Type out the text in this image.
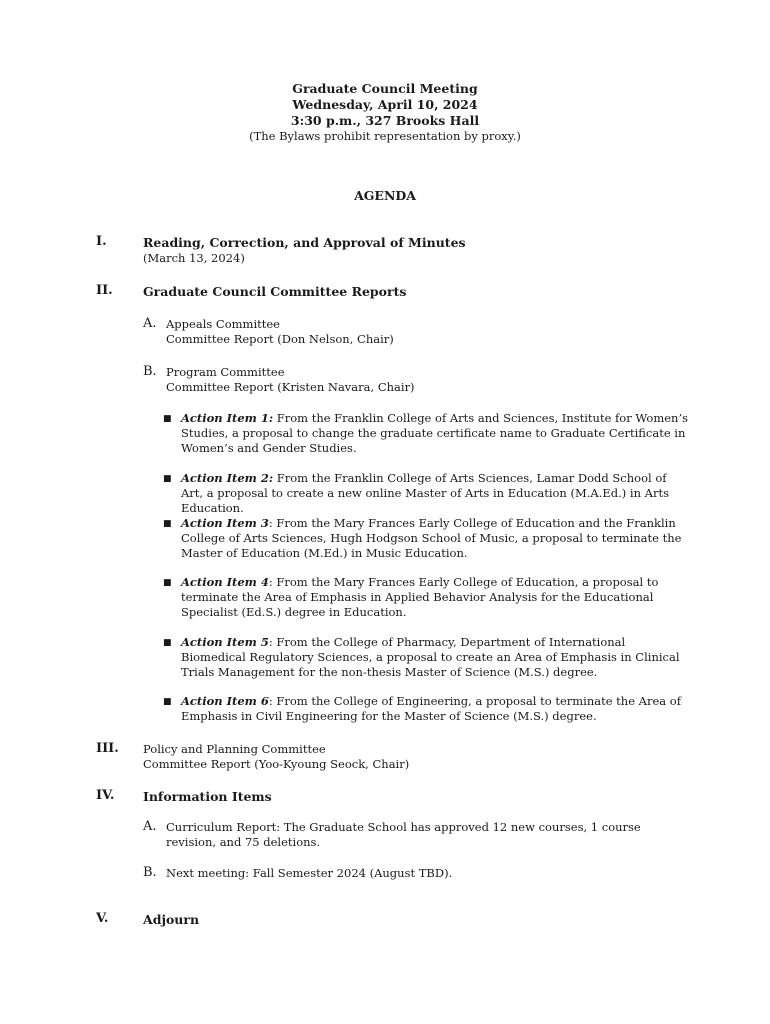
Graduate Council Meeting
Wednesday, April 10, 2024
3:30 p.m., 327 Brooks Hall
(The Bylaws prohibit representation by proxy.)
AGENDA
I.	Reading, Correction, and Approval of Minutes
(March 13, 2024)
II. Graduate Council Committee Reports
A. Appeals Committee
Committee Report (Don Nelson, Chair)
B. Program Committee
Committee Report (Kristen Navara, Chair)
■ Action Item 1: From the Franklin College of Arts and Sciences, Institute for Women’s Studies, a proposal to change the graduate certificate name to Graduate Certificate in Women’s and Gender Studies.
■ Action Item 2: From the Franklin College of Arts Sciences, Lamar Dodd School of Art, a proposal to create a new online Master of Arts in Education (M.A.Ed.) in Arts Education.
■ Action Item 3: From the Mary Frances Early College of Education and the Franklin College of Arts Sciences, Hugh Hodgson School of Music, a proposal to terminate the Master of Education (M.Ed.) in Music Education.
■ Action Item 4: From the Mary Frances Early College of Education, a proposal to terminate the Area of Emphasis in Applied Behavior Analysis for the Educational Specialist (Ed.S.) degree in Education.
■ Action Item 5: From the College of Pharmacy, Department of International Biomedical Regulatory Sciences, a proposal to create an Area of Emphasis in Clinical Trials Management for the non-thesis Master of Science (M.S.) degree.
■ Action Item 6: From the College of Engineering, a proposal to terminate the Area of Emphasis in Civil Engineering for the Master of Science (M.S.) degree.
III. Policy and Planning Committee
Committee Report (Yoo-Kyoung Seock, Chair)
IV. Information Items
A. Curriculum Report: The Graduate School has approved 12 new courses, 1 course revision, and 75 deletions.
B. Next meeting: Fall Semester 2024 (August TBD).
V.	Adjourn
